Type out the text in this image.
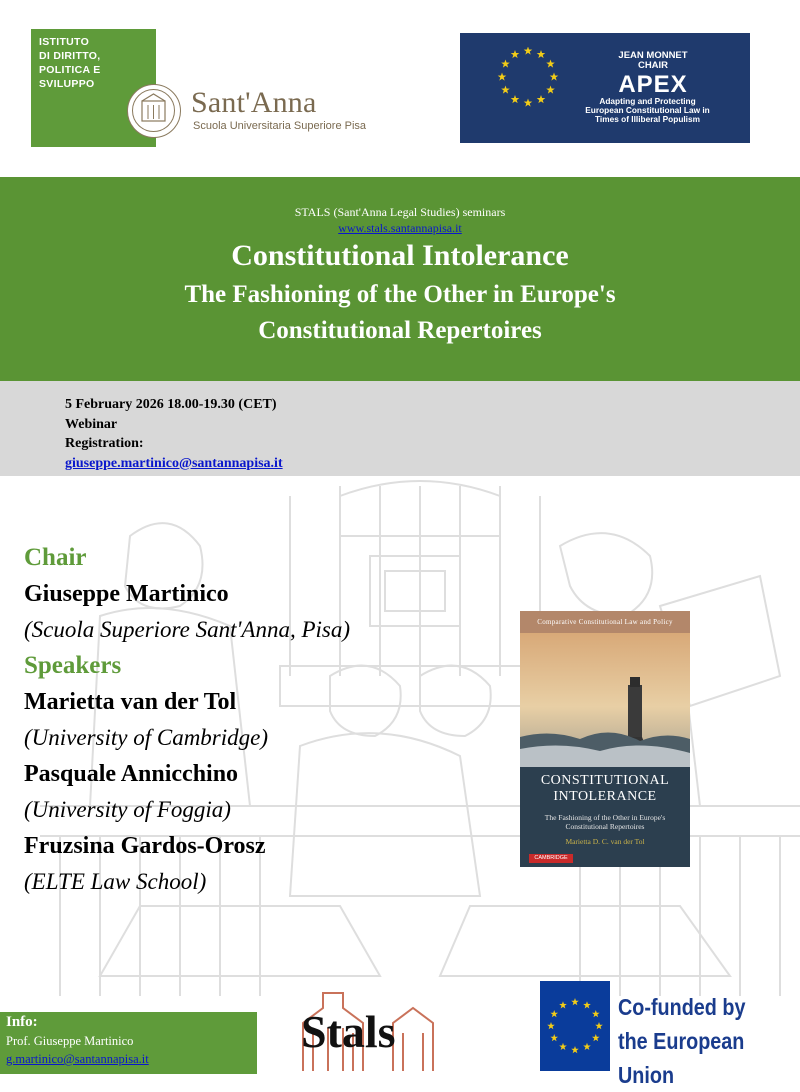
ISTITUTO
DI DIRITTO,
POLITICA E
SVILUPPO
Sant'Anna
Scuola Universitaria Superiore Pisa
JEAN MONNET
CHAIR
APEX
Adapting and Protecting
European Constitutional Law in
Times of Illiberal Populism
STALS (Sant'Anna Legal Studies) seminars
www.stals.santannapisa.it
Constitutional Intolerance
The Fashioning of the Other in Europe's
Constitutional Repertoires
5 February 2026 18.00-19.30 (CET)
Webinar
Registration:
giuseppe.martinico@santannapisa.it
Chair
Giuseppe Martinico
(Scuola Superiore Sant'Anna, Pisa)
Speakers
Marietta van der Tol
(University of Cambridge)
Pasquale Annicchino
(University of Foggia)
Fruzsina Gardos-Orosz
(ELTE Law School)
Comparative Constitutional Law and Policy
CONSTITUTIONAL
INTOLERANCE
The Fashioning of the Other in Europe's Constitutional Repertoires
Marietta D. C. van der Tol
CAMBRIDGE
Info:
Prof. Giuseppe Martinico
g.martinico@santannapisa.it
Stals	Co-funded by
the European Union
